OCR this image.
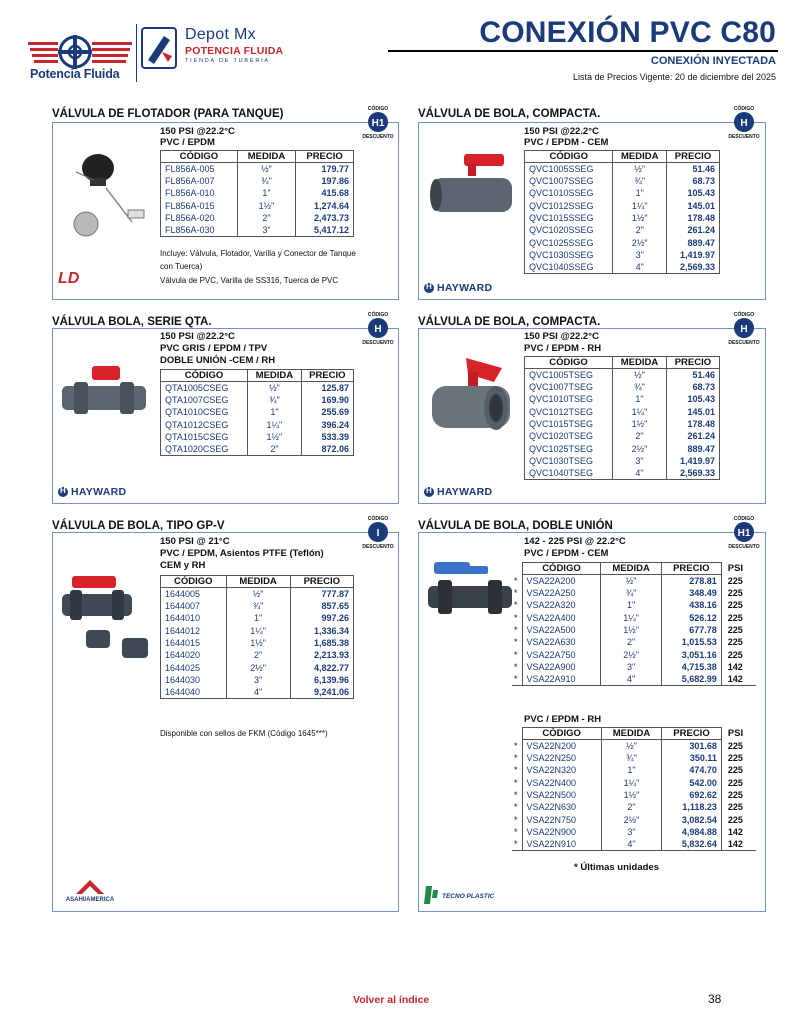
Potencia Fluida
Depot Mx
POTENCIA FLUIDA
TIENDA DE TUBERIA
CONEXIÓN PVC C80
CONEXIÓN INYECTADA
Lista de Precios Vigente: 20 de diciembre del 2025
VÁLVULA DE FLOTADOR (PARA TANQUE)
H1
CÓDIGO
DESCUENTO
150 PSI @22.2°C
PVC / EPDM
CÓDIGO	MEDIDA	PRECIO
FL856A-005	½"	179.77
FL856A-007	¾"	197.86
FL856A-010	1"	415.68
FL856A-015	1½"	1,274.64
FL856A-020	2"	2,473.73
FL856A-030	3"	5,417.12
Incluye: Válvula, Flotador, Varilla y Conector de Tanque
con Tuerca)
Válvula de PVC, Varilla de SS316, Tuerca de PVC
LD
VÁLVULA DE BOLA, COMPACTA.
H
CÓDIGO
DESCUENTO
150 PSI @22.2°C
PVC / EPDM - CEM
CÓDIGO	MEDIDA	PRECIO
QVC1005SSEG	½"	51.46
QVC1007SSEG	¾"	68.73
QVC1010SSEG	1"	105.43
QVC1012SSEG	1¼"	145.01
QVC1015SSEG	1½"	178.48
QVC1020SSEG	2"	261.24
QVC1025SSEG	2½"	889.47
QVC1030SSEG	3"	1,419.97
QVC1040SSEG	4"	2,569.33
H
HAYWARD
VÁLVULA BOLA, SERIE QTA.
H
CÓDIGO
DESCUENTO
150 PSI @22.2°C
PVC GRIS / EPDM / TPV
DOBLE UNIÓN -CEM / RH
CÓDIGO	MEDIDA	PRECIO
QTA1005CSEG	½"	125.87
QTA1007CSEG	¾"	169.90
QTA1010CSEG	1"	255.69
QTA1012CSEG	1¼"	396.24
QTA1015CSEG	1½"	533.39
QTA1020CSEG	2"	872.06
H
HAYWARD
VÁLVULA DE BOLA, COMPACTA.
H
CÓDIGO
DESCUENTO
150 PSI @22.2°C
PVC / EPDM - RH
CÓDIGO	MEDIDA	PRECIO
QVC1005TSEG	½"	51.46
QVC1007TSEG	¾"	68.73
QVC1010TSEG	1"	105.43
QVC1012TSEG	1¼"	145.01
QVC1015TSEG	1½"	178.48
QVC1020TSEG	2"	261.24
QVC1025TSEG	2½"	889.47
QVC1030TSEG	3"	1,419.97
QVC1040TSEG	4"	2,569.33
H
HAYWARD
VÁLVULA DE BOLA, TIPO GP-V
I
CÓDIGO
DESCUENTO
150 PSI @ 21°C
PVC / EPDM, Asientos PTFE (Teflón)
CEM y RH
CÓDIGO	MEDIDA	PRECIO
1644005	½"	777.87
1644007	¾"	857.65
1644010	1"	997.26
1644012	1¼"	1,336.34
1644015	1½"	1,685.38
1644020	2"	2,213.93
1644025	2½"	4,822.77
1644030	3"	6,139.96
1644040	4"	9,241.06
Disponible con sellos de FKM (Código 1645***)
ASAHI/AMERICA
VÁLVULA DE BOLA, DOBLE UNIÓN
H1
CÓDIGO
DESCUENTO
142 - 225 PSI @ 22.2°C
PVC / EPDM - CEM
	CÓDIGO	MEDIDA	PRECIO	PSI
*	VSA22A200	½"	278.81	225
*	VSA22A250	¾"	348.49	225
*	VSA22A320	1"	438.16	225
*	VSA22A400	1¼"	526.12	225
*	VSA22A500	1½"	677.78	225
*	VSA22A630	2"	1,015.53	225
*	VSA22A750	2½"	3,051.16	225
*	VSA22A900	3"	4,715.38	142
*	VSA22A910	4"	5,682.99	142
PVC / EPDM - RH
	CÓDIGO	MEDIDA	PRECIO	PSI
*	VSA22N200	½"	301.68	225
*	VSA22N250	¾"	350.11	225
*	VSA22N320	1"	474.70	225
*	VSA22N400	1¼"	542.00	225
*	VSA22N500	1½"	692.62	225
*	VSA22N630	2"	1,118.23	225
*	VSA22N750	2½"	3,082.54	225
*	VSA22N900	3"	4,984.88	142
*	VSA22N910	4"	5,832.64	142
* Últimas unidades
TECNO PLASTIC
Volver al índice	38
